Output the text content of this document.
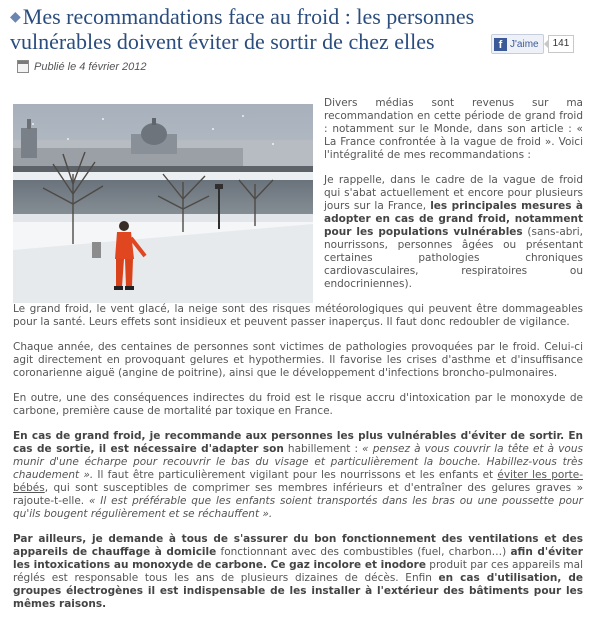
◆Mes recommandations face au froid : les personnes vulnérables doivent éviter de sortir de chez elles	f J'aime	141
Publié le 4 février 2012

Divers médias sont revenus sur ma recommandation en cette période de grand froid : notamment sur le Monde, dans son article : « La France confrontée à la vague de froid ». Voici l'intégralité de mes recommandations :

Je rappelle, dans le cadre de la vague de froid qui s'abat actuellement et encore pour plusieurs jours sur la France, les principales mesures à adopter en cas de grand froid, notamment pour les populations vulnérables (sans-abri, nourrissons, personnes âgées ou présentant certaines pathologies chroniques cardiovasculaires, respiratoires ou endocriniennes).

Le grand froid, le vent glacé, la neige sont des risques météorologiques qui peuvent être dommageables pour la santé. Leurs effets sont insidieux et peuvent passer inaperçus. Il faut donc redoubler de vigilance.

Chaque année, des centaines de personnes sont victimes de pathologies provoquées par le froid. Celui-ci agit directement en provoquant gelures et hypothermies. Il favorise les crises d'asthme et d'insuffisance coronarienne aiguë (angine de poitrine), ainsi que le développement d'infections broncho-pulmonaires.

En outre, une des conséquences indirectes du froid est le risque accru d'intoxication par le monoxyde de carbone, première cause de mortalité par toxique en France.

En cas de grand froid, je recommande aux personnes les plus vulnérables d'éviter de sortir. En cas de sortie, il est nécessaire d'adapter son habillement : « pensez à vous couvrir la tête et à vous munir d'une écharpe pour recouvrir le bas du visage et particulièrement la bouche. Habillez-vous très chaudement ». Il faut être particulièrement vigilant pour les nourrissons et les enfants et éviter les porte-bébés, qui sont susceptibles de comprimer ses membres inférieurs et d'entraîner des gelures graves » rajoute-t-elle. « Il est préférable que les enfants soient transportés dans les bras ou une poussette pour qu'ils bougent régulièrement et se réchauffent ».

Par ailleurs, je demande à tous de s'assurer du bon fonctionnement des ventilations et des appareils de chauffage à domicile fonctionnant avec des combustibles (fuel, charbon…) afin d'éviter les intoxications au monoxyde de carbone. Ce gaz incolore et inodore produit par ces appareils mal réglés est responsable tous les ans de plusieurs dizaines de décès. Enfin en cas d'utilisation, de groupes électrogènes il est indispensable de les installer à l'extérieur des bâtiments pour les mêmes raisons.
